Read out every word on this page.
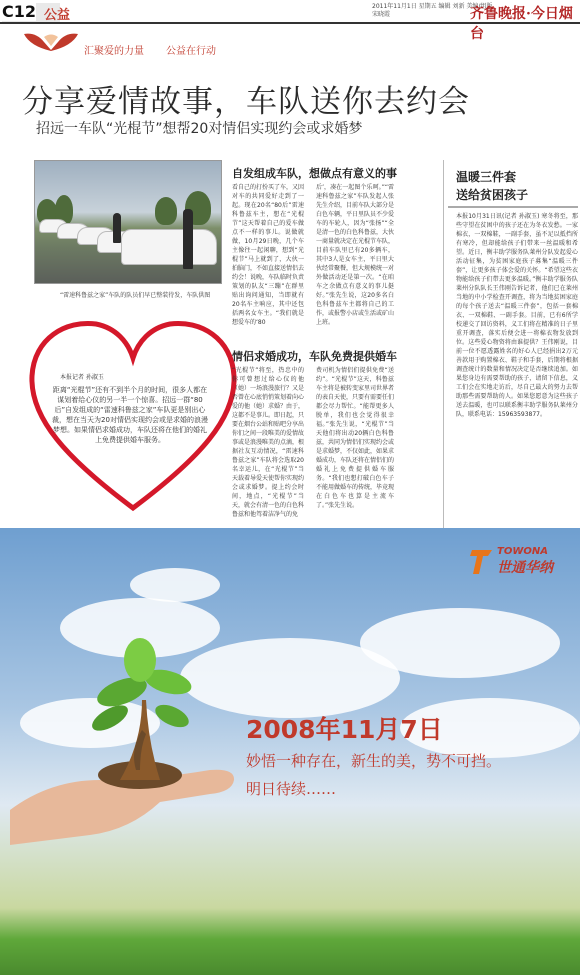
C12 公益
2011年11月1日 星期五 编辑 刘新 美编/组版 宋晓霞	齐鲁晚报·今日烟台
汇聚爱的力量 公益在行动
分享爱情故事，车队送你去约会
招远一车队“光棍节”想帮20对情侣实现约会或求婚梦
“雷速科鲁兹之家”车队的队员们早已整装待发，车队供图
本报记者 孙淑玉
距离“光棍节”还有不到半个月的时间，很多人都在谋划着给心仪的另一半一个惊喜。招远一群“80后”自发组成的“雷速科鲁兹之家”车队更是别出心裁，想在当天为20对情侣实现约会或是求婚的浪漫梦想。如果情侣求婚成功，车队还将在他们的婚礼上免费提供婚车服务。
自发组成车队，想做点有意义的事
看自己的打扮买了车，又因对车的共同爱好走到了一起。现在20名“80后”雷速科鲁兹车主，想在“光棍节”这天帮着自己的爱车做点不一样的事儿。说做就做，10月29日晚，几个车主像往一起闲聊，想到“光棍节”马上就到了，大伙一拍脑门，不如直接送情侣去约会！说晚，车队临时负责策划的队友“三蹦”在群里贴出询问通知，当即就有20名车主响应，其中还包括两名女车主。“我们就是想爱车的‘80
后’，凑在一起图个乐呵。”“雷速科鲁兹之家”车队发起人张先生介绍，目前车队大部分是白色车辆，平日里队员不少爱车的车轮人，因为“张扬”“全是清一色的白色科鲁兹，大伙一商量就决定在光棍节车队，目前车队里已有20多辆车，其中3人是女车主，平日里大伙经常聚餐，但大规模统一对外做活动还是第一次。“在咱车之余做点有意义的事儿挺好。”张先生说，这20多名白色科鲁兹车主都将自己的工作，或报警小店或生活或矿山上班。
情侣求婚成功，车队免费提供婚车
“光棍节”将至，热忠中的你可曾想过给心仪的他（她）一场浪漫旅行？又是否曾在心底悄悄策划着向心爱的他（她）求婚？由于，这都不是事儿。即日起，只要在烟台公站和贴吧分享出你们之间一段唯美的爱情故事或是浪漫唯美的点滴，根据社友互动情况，“雷速科鲁兹之家”车队将会选取20名幸运儿，在“光棍节”当天载着导爱天使帮你实现约会或求婚梦。提上约会时间，地点，“光棍节”当天，就会有清一色的白色科鲁兹和他驾着洁净气的免
费司机为情侣们提供免费“送约”。“光棍节”这天，科鲁兹车主将是被转变家里司世界者的表自天使，只要有需要任们都会尽力帮忙。“能帮更多人脱单，我们也会觉得很幸福。”张先生说，“光棍节”当天他们将出动20辆白色科鲁兹，共同为情侣们实现约会或是求婚梦，不仅如此，如果求婚成功，车队还将在情侣们的婚礼上免费提供婚车服务。“我们也想打破白色车子不能用做婚车的传统，毕竟现在白色车也算是主流车了。”张先生说。
温暖三件套
送给贫困孩子
本报10月31日讯(记者 孙淑玉) 寒冬将至，那些守望在贫困中的孩子还在为冬衣发愁。一家棉衣，一双棉鞋，一副手套，虽不足以抵挡所有寒冷，但却能给孩子们带来一丝温暖和希望。近日，衡丰助学服务队莱州分队发起爱心活动征集，为贫困家庭孩子募集“温暖三件套”，让更多孩子体会爱的关怀。“希望这些衣物能给孩子们带去更多温暖。”衡丰助学服务队莱州分队队长王伟刚告诉记者，他们已在莱州当地的中小学检查开调查，将为当地贫困家庭的每个孩子送去“温暖三件套”，包括一套棉衣、一双棉鞋、一副手套。目前，已有6所学校递交了回访资料，义工们将在精准的日子里重开调查，落实后便会进一将棉衣物发放到位。这些爱心物资将由谁提供？王伟刚说，目前一位不愿透露姓名的好心人已经捐出2万元善款用于购置棉衣、鞋子和手套，后期将根据调查统计的数量和情况决定是否继续追加。如果您身边有需要帮助的孩子，请留下信息，义工们会在实地走访后，尽自己最大的努力去帮助那些需要帮助的人。如果您愿意为这些孩子送去温暖，也可以联系衡丰助学服务队莱州分队，联系电话：15963593877。
TOWONA
世通华纳
2008年11月7日
妙悟一种存在，新生的美，势不可挡。
明日待续……
